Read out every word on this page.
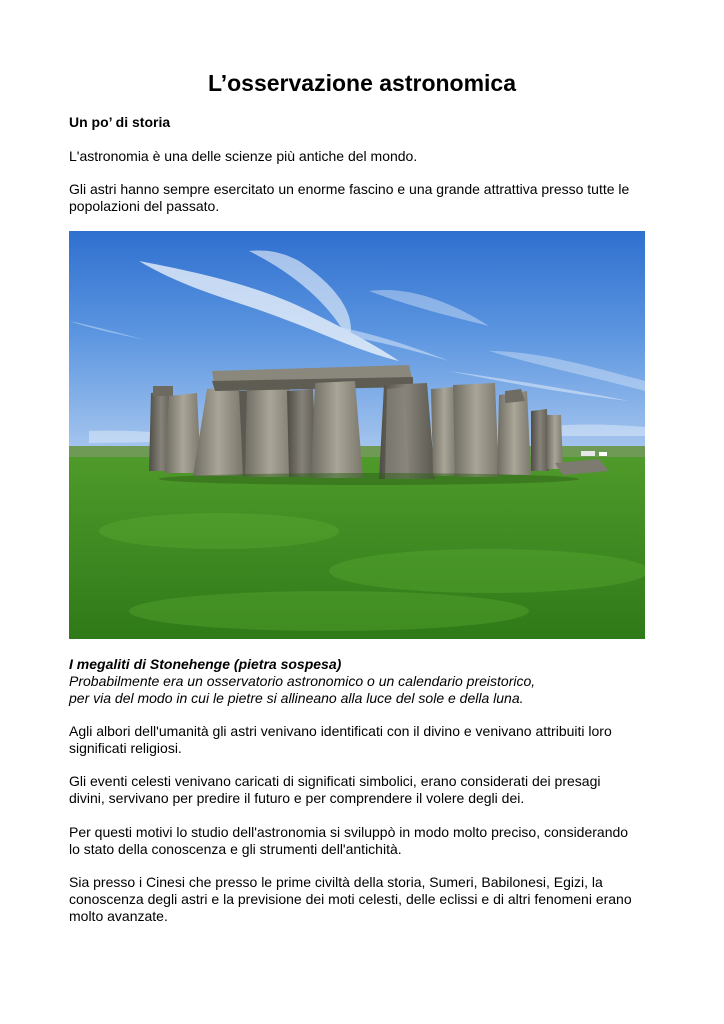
L’osservazione astronomica

Un po’ di storia

L'astronomia è una delle scienze più antiche del mondo.

Gli astri hanno sempre esercitato un enorme fascino e una grande attrattiva presso tutte le popolazioni del passato.

I megaliti di Stonehenge (pietra sospesa)
Probabilmente era un osservatorio astronomico o un calendario preistorico,
per via del modo in cui le pietre si allineano alla luce del sole e della luna.

Agli albori dell'umanità gli astri venivano identificati con il divino e venivano attribuiti loro significati religiosi.

Gli eventi celesti venivano caricati di significati simbolici, erano considerati dei presagi divini, servivano per predire il futuro e per comprendere il volere degli dei.

Per questi motivi lo studio dell'astronomia si sviluppò in modo molto preciso, considerando lo stato della conoscenza e gli strumenti dell'antichità.

Sia presso i Cinesi che presso le prime civiltà della storia, Sumeri, Babilonesi, Egizi, la conoscenza degli astri e la previsione dei moti celesti, delle eclissi e di altri fenomeni erano molto avanzate.
